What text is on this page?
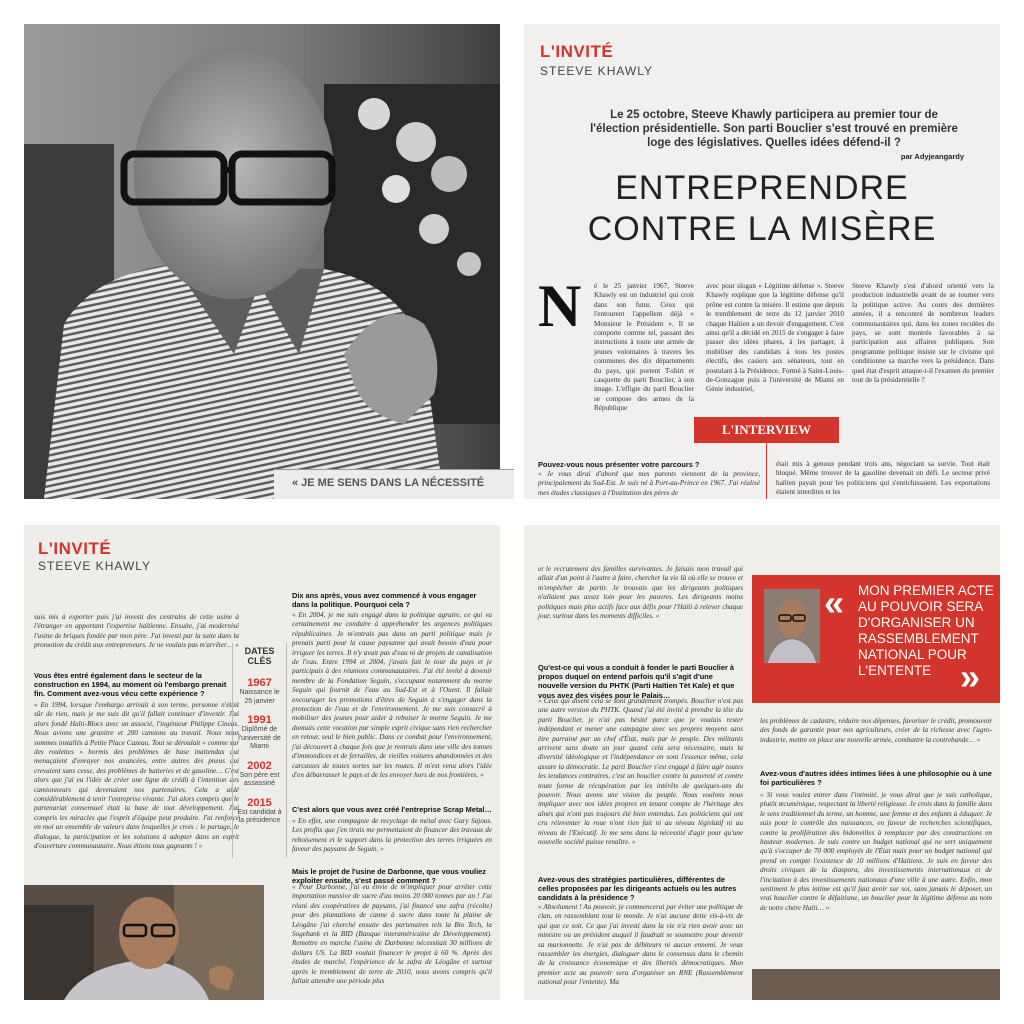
« JE ME SENS DANS LA NÉCESSITÉ
L'INVITÉ
STEEVE KHAWLY
Le 25 octobre, Steeve Khawly participera au premier tour de l'élection présidentielle. Son parti Bouclier s'est trouvé en première loge des législatives. Quelles idées défend-il ?
par Adyjeangardy
ENTREPRENDRE
CONTRE LA MISÈRE
N é le 25 janvier 1967, Steeve Khawly est un industriel qui croit dans son futur. Ceux qui l'entourent l'appellent déjà « Monsieur le Président ». Il se comporte comme tel, passant des instructions à toute une armée de jeunes volontaires à travers les communes des dix départements du pays, qui portent T-shirt et casquette du parti Bouclier, à son image. L'effigie du parti Bouclier se compose des armes de la République
avec pour slogan « Légitime défense ». Steeve Khawly explique que la légitime défense qu'il prône est contre la misère. Il estime que depuis le tremblement de terre du 12 janvier 2010 chaque Haïtien a un devoir d'engagement. C'est ainsi qu'il a décidé en 2015 de s'engager à faire passer des idées phares, à les partager, à mobiliser des candidats à tous les postes électifs, des casiers aux sénateurs, tout en postulant à la Présidence. Formé à Saint-Louis-de-Gonzague puis à l'université de Miami en Génie industriel,
Steeve Khawly s'est d'abord orienté vers la production industrielle avant de se tourner vers la politique active. Au cours des dernières années, il a rencontré de nombreux leaders communautaires qui, dans les zones reculées du pays, se sont montrés favorables à sa participation aux affaires publiques. Son programme politique insiste sur le civisme qui conditionne sa marche vers la présidence. Dans quel état d'esprit attaque-t-il l'examen du premier tour de la présidentielle ?
L'INTERVIEW
Pouvez-vous nous présenter votre parcours ?
« Je vous dirai d'abord que mes parents viennent de la province, principalement du Sud-Est. Je suis né à Port-au-Prince en 1967. J'ai réalisé mes études classiques à l'Institution des pères de
était mis à genoux pendant trois ans, négociant sa survie. Tout était bloqué. Même trouver de la gasoline devenait un défi. Le secteur privé haïtien payait pour les politiciens qui s'enrichissaient. Les exportations étaient interdites et les
L'INVITÉ
STEEVE KHAWLY
suis mis à exporter puis j'ai investi des centrales de cette usine à l'étranger en apportant l'expertise haïtienne. Ensuite, j'ai modernisé l'usine de briques fondée par mon père. J'ai investi par la suite dans la promotion du crédit aux entrepreneurs. Je ne voulais pas m'arrêter… »
Vous êtes entré également dans le secteur de la construction en 1994, au moment où l'embargo prenait fin. Comment avez-vous vécu cette expérience ?
« En 1994, lorsque l'embargo arrivait à son terme, personne n'était sûr de rien, mais je me suis dit qu'il fallait continuer d'investir. J'ai alors fondé Haïti-Blocs avec un associé, l'ingénieur Philippe Cineas. Nous avions une granitre et 200 camions au travail. Nous nous sommes installés à Petite Place Cazeau. Tout se déroulait « comme sur des roulettes » hormis des problèmes de base inattendus qui menaçaient d'enrayer nos avancées, entre autres des pneus qui crevaient sans cesse, des problèmes de batteries et de gasoline… C'est alors que j'ai eu l'idée de créer une ligne de crédit à l'intention des camionneurs qui devenaient nos partenaires. Cela a aidé considérablement à tenir l'entreprise vivante. J'ai alors compris que le partenariat consensuel était la base de tout développement. J'ai compris les miracles que l'esprit d'équipe peut produire. J'ai renforcé en moi un ensemble de valeurs dans lesquelles je crois : le partage, le dialogue, la participation et les solutions à adopter dans un esprit d'ouverture communautaire. Nous étions tous gagnants ! »
DATES CLÉS
1967
Naissance le 25 janvier
1991
Diplômé de l'université de Miami
2002
Son père est assassiné
2015
Est candidat à la présidence
Dix ans après, vous avez commencé à vous engager dans la politique. Pourquoi cela ?
« En 2004, je me suis engagé dans la politique agraire, ce qui va certainement me conduire à appréhender les urgences politiques républicaines. Je m'entrais pas dans un parti politique mais je prenais parti pour la cause paysanne qui avait besoin d'eau pour irriguer les terres. Il n'y avait pas d'eau ni de projets de canalisation de l'eau. Entre 1994 et 2004, j'avais fait le tour du pays et je participais à des réunions communautaires. J'ai été invité à devenir membre de la Fondation Seguin, s'occupant notamment du morne Seguin qui fournit de l'eau au Sud-Est et à l'Ouest. Il fallait encourager les promotions d'êtres de Seguin à s'engager dans la protection de l'eau et de l'environnement. Je me suis consacré à mobiliser des jeunes pour aider à reboiser le morne Seguin. Je me donnais cette vocation par simple esprit civique sans rien rechercher en retour, seul le bien public. Dans ce combat pour l'environnement, j'ai découvert à chaque fois que je rentrais dans une ville des tonnes d'immondices et de ferrailles, de vieilles voitures abandonnées et des carcasses de toutes sortes sur les routes. Il m'est venu alors l'idée d'en débarrasser le pays et de les envoyer hors de nos frontières. »
C'est alors que vous avez créé l'entreprise Scrap Metal…
« En effet, une compagnie de recyclage de métal avec Gary Sajous. Les profits que j'en tirais me permettaient de financer des travaux de reboisement et le support dans la protection des terres irriguées en faveur des paysans de Seguin. »
Mais le projet de l'usine de Darbonne, que vous vouliez exploiter ensuite, s'est passé comment ?
« Pour Darbonne, j'ai eu envie de m'impliquer pour arrêter cette importation massive de sucre d'au moins 20 000 tonnes par an ! J'ai réuni des coopératives de paysans, j'ai financé une zafra (récolte) pour des plantations de canne à sucre dans toute la plaine de Léogâne j'ai cherché ensuite des partenaires tels la Bio Tech, la Sogebank et la BID (Banque interaméricaine de Développement). Remettre en marche l'usine de Darbonne nécessitait 30 millions de dollars US. La BID voulait financer le projet à 60 %. Après des études de marché, l'expérience de la zafra de Léogâne et surtout après le tremblement de terre de 2010, nous avons compris qu'il fallait attendre une période plus
et le recrutement des familles survivantes. Je faisais mon travail qui allait d'un point à l'autre à faire, chercher la vie là où elle se trouve et m'empêcher de partir. Je trouvais que les dirigeants politiques n'allaient pas assez loin pour les pauvres. Les dirigeants moins politiques mais plus actifs face aux défis pour l'Haïti à relever chaque jour, surtout dans les moments difficiles. »
Qu'est-ce qui vous a conduit à fonder le parti Bouclier à propos duquel on entend parfois qu'il s'agit d'une nouvelle version du PHTK (Parti Haïtien Tèt Kale) et que vous avez des visées pour le Palais…
« Ceux qui disent cela se sont grandement trompés. Bouclier n'est pas une autre version du PHTK. Quand j'ai été invité à prendre la tête du parti Bouclier, je n'ai pas hésité parce que je voulais rester indépendant et mener une campagne avec ses propres moyens sans être parrainé par un chef d'État, mais par le peuple. Des militants arrivent sans doute un jour quand cela sera nécessaire, mais la diversité idéologique et l'indépendance en sont l'essence même, cela assure la démocratie. Le parti Bouclier s'est engagé à faire agir toutes les tendances contraires, c'est un bouclier contre la pauvreté et contre toute forme de récupération par les intérêts de quelques-uns du pouvoir. Nous avons une vision du peuple. Nous voulons nous impliquer avec nos idées propres en tenant compte de l'héritage des aînés qui n'ont pas toujours été bien entendus. Les politiciens qui ont cru réinventer la roue n'ont rien fait ni au niveau législatif ni au niveau de l'Exécutif. Je me sens dans la nécessité d'agir pour qu'une nouvelle société puisse renaître. »
Avez-vous des stratégies particulières, différentes de celles proposées par les dirigeants actuels ou les autres candidats à la présidence ?
« Absolument ! Au pouvoir, je commencerai par éviter une politique de clan, en rassemblant tout le monde. Je n'ai aucune dette vis-à-vis de qui que ce soit. Ce que j'ai investi dans la vie n'a rien avoir avec un ministre ou un président auquel il faudrait se soumettre pour devenir sa marionnette. Je n'ai pas de débiteurs ni aucun ennemi. Je veux rassembler les énergies, dialoguer dans le consensus dans le chemin de la croissance économique et des libertés démocratiques. Mon premier acte au pouvoir sera d'organiser un RNE (Rassemblement national pour l'entente). Ma
« MON PREMIER ACTE AU POUVOIR SERA D'ORGANISER UN RASSEMBLEMENT NATIONAL POUR L'ENTENTE »
les problèmes de cadastre, réduire nos dépenses, favoriser le crédit, promouvoir des fonds de garantie pour nos agriculteurs, créer de la richesse avec l'agro-industrie, mettre en place une nouvelle armée, combattre la contrebande… »
Avez-vous d'autres idées intimes liées à une philosophie ou à une foi particulières ?
« Si vous voulez entrer dans l'intimité, je vous dirai que je suis catholique, plutôt œcuménique, respectant la liberté religieuse. Je crois dans la famille dans le sens traditionnel du terme, un homme, une femme et des enfants à éduquer. Je suis pour le contrôle des naissances, en faveur de recherches scientifiques, contre la prolifération des bidonvilles à remplacer par des constructions en hauteur modernes. Je suis contre un budget national qui ne sert uniquement qu'à s'occuper de 70 000 employés de l'État mais pour un budget national qui prend en compte l'existence de 10 millions d'Haïtiens. Je suis en faveur des droits civiques de la diaspora, des investissements internationaux et de l'incitation à des investissements nationaux d'une ville à une autre. Enfin, mon sentiment le plus intime est qu'il faut avoir sur soi, sans jamais le déposer, un vrai bouclier contre le défaitisme, un bouclier pour la légitime défense au nom de notre chère Haïti… »
